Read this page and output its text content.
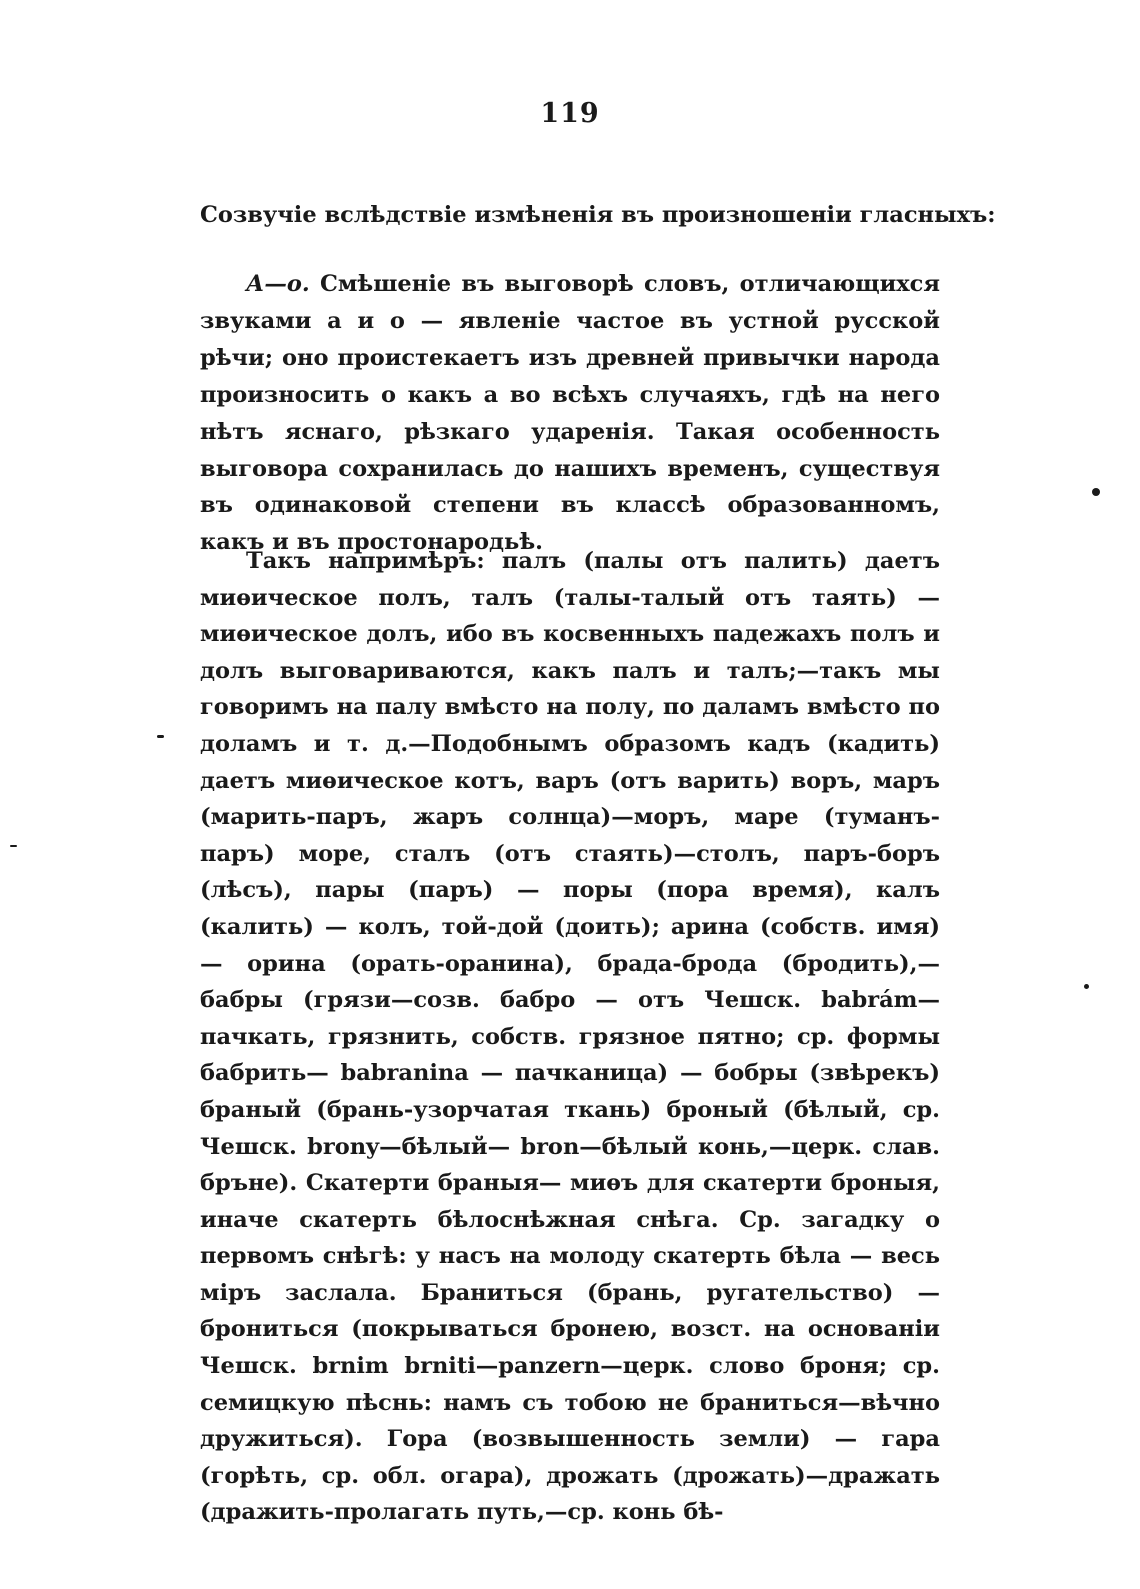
119
Созвучіе вслѣдствіе измѣненія въ произношеніи гласныхъ:

А—о. Смѣшеніе въ выговорѣ словъ, отличающихся звуками а и о — явленіе частое въ устной русской рѣчи; оно проистекаетъ изъ древней привычки народа произносить о какъ а во всѣхъ случаяхъ, гдѣ на него нѣтъ яснаго, рѣзкаго ударенія. Такая особенность выговора сохранилась до нашихъ временъ, существуя въ одинаковой степени въ классѣ образованномъ, какъ и въ простонародьѣ.

Такъ напримѣръ: палъ (палы отъ палить) даетъ миѳическое полъ, талъ (талы-талый отъ таять) — миѳическое долъ, ибо въ косвенныхъ падежахъ полъ и долъ выговариваются, какъ палъ и талъ;—такъ мы говоримъ на палу вмѣсто на полу, по даламъ вмѣсто по доламъ и т. д.—Подобнымъ образомъ кадъ (кадить) даетъ миѳическое котъ, варъ (отъ варить) воръ, маръ (марить-паръ, жаръ солнца)—моръ, маре (туманъ-паръ) море, сталъ (отъ стаять)—столъ, паръ-боръ (лѣсъ), пары (паръ) — поры (пора время), калъ (калить) — колъ, той-дой (доить); арина (собств. имя) — орина (орать-оранина), брада-брода (бродить),—бабры (грязи—созв. бабро — отъ Чешск. babrám— пачкать, грязнить, собств. грязное пятно; ср. формы бабрить— babranina — пачканица) — бобры (звѣрекъ) браный (брань-узорчатая ткань) броный (бѣлый, ср. Чешск. brony—бѣлый— bron—бѣлый конь,—церк. слав. бръне). Скатерти браныя— миѳъ для скатерти броныя, иначе скатерть бѣлоснѣжная снѣга. Ср. загадку о первомъ снѣгѣ: у насъ на молоду скатерть бѣла — весь міръ заслала. Браниться (брань, ругательство) — брониться (покрываться бронею, возст. на основаніи Чешск. brnim brniti—panzern—церк. слово броня; ср. семицкую пѣснь: намъ съ тобою не браниться—вѣчно дружиться). Гора (возвышенность земли) — гара (горѣть, ср. обл. огара), дрожать (дрожать)—дражать (дражить-пролагать путь,—ср. конь бѣ-
